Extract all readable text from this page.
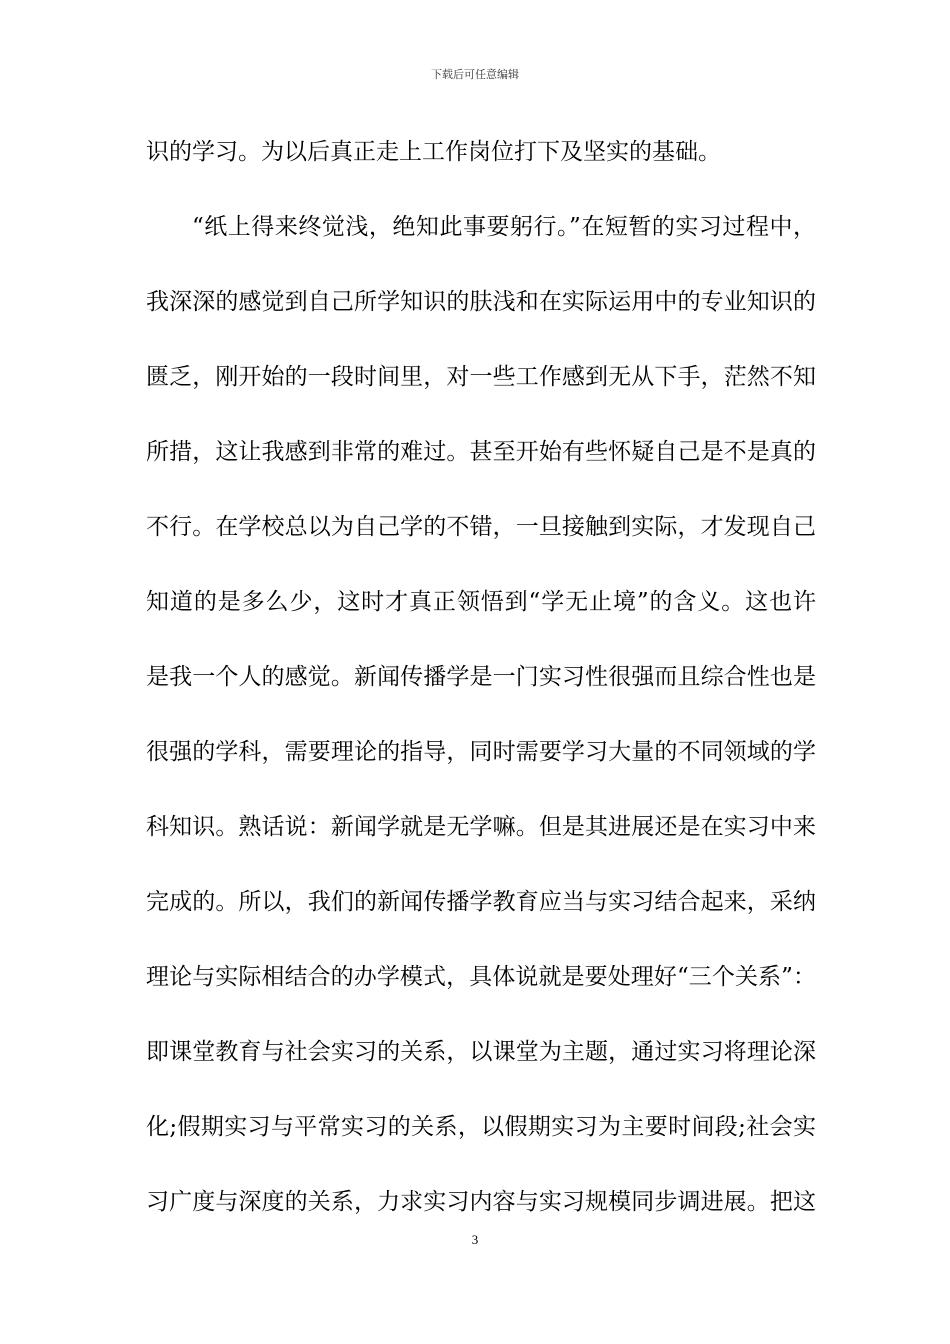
下载后可任意编辑
识的学习。为以后真正走上工作岗位打下及坚实的基础。
“纸上得来终觉浅，绝知此事要躬行。”在短暂的实习过程中，
我深深的感觉到自己所学知识的肤浅和在实际运用中的专业知识的
匮乏，刚开始的一段时间里，对一些工作感到无从下手，茫然不知
所措，这让我感到非常的难过。甚至开始有些怀疑自己是不是真的
不行。在学校总以为自己学的不错，一旦接触到实际，才发现自己
知道的是多么少，这时才真正领悟到“学无止境”的含义。这也许
是我一个人的感觉。新闻传播学是一门实习性很强而且综合性也是
很强的学科，需要理论的指导，同时需要学习大量的不同领域的学
科知识。熟话说：新闻学就是无学嘛。但是其进展还是在实习中来
完成的。所以，我们的新闻传播学教育应当与实习结合起来，采纳
理论与实际相结合的办学模式，具体说就是要处理好“三个关系”：
即课堂教育与社会实习的关系，以课堂为主题，通过实习将理论深
化;假期实习与平常实习的关系，以假期实习为主要时间段;社会实
习广度与深度的关系，力求实习内容与实习规模同步调进展。把这
3
